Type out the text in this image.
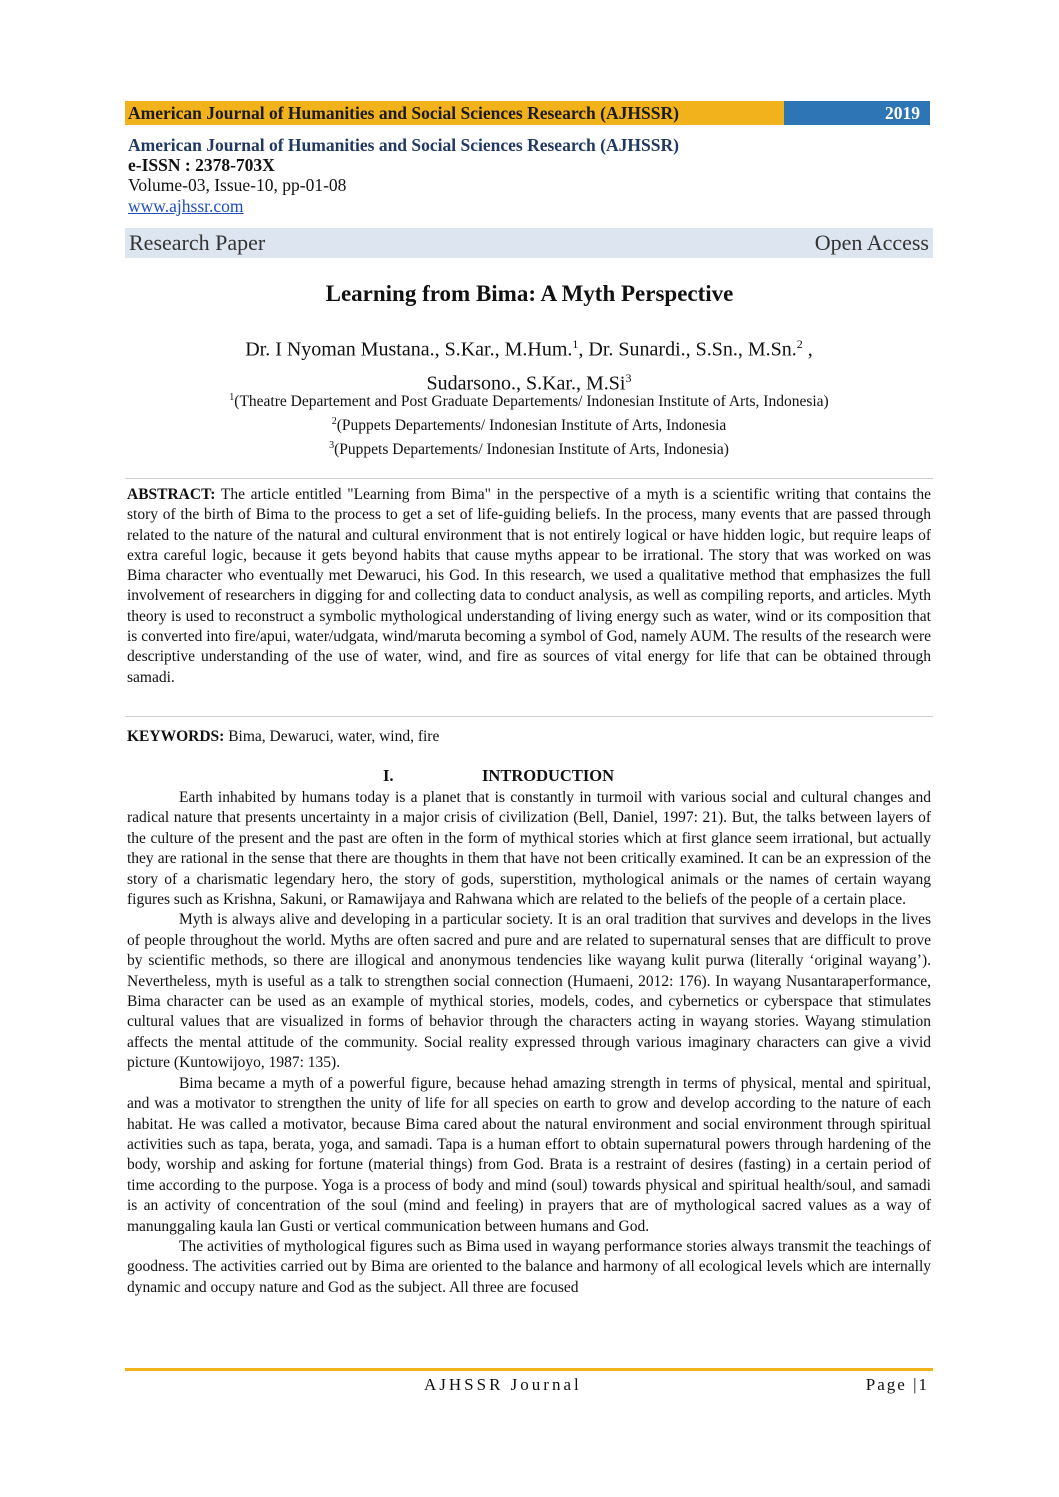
American Journal of Humanities and Social Sciences Research (AJHSSR)	2019
American Journal of Humanities and Social Sciences Research (AJHSSR)
e-ISSN : 2378-703X
Volume-03, Issue-10, pp-01-08
www.ajhssr.com
Research Paper	Open Access
Learning from Bima: A Myth Perspective
Dr. I Nyoman Mustana., S.Kar., M.Hum.$^1$, Dr. Sunardi., S.Sn., M.Sn.$^2$ ,
Sudarsono., S.Kar., M.Si$^3$
$^1$(Theatre Departement and Post Graduate Departements/ Indonesian Institute of Arts, Indonesia)
$^2$(Puppets Departements/ Indonesian Institute of Arts, Indonesia
$^3$(Puppets Departements/ Indonesian Institute of Arts, Indonesia)
ABSTRACT: The article entitled "Learning from Bima" in the perspective of a myth is a scientific writing that contains the story of the birth of Bima to the process to get a set of life-guiding beliefs. In the process, many events that are passed through related to the nature of the natural and cultural environment that is not entirely logical or have hidden logic, but require leaps of extra careful logic, because it gets beyond habits that cause myths appear to be irrational. The story that was worked on was Bima character who eventually met Dewaruci, his God. In this research, we used a qualitative method that emphasizes the full involvement of researchers in digging for and collecting data to conduct analysis, as well as compiling reports, and articles. Myth theory is used to reconstruct a symbolic mythological understanding of living energy such as water, wind or its composition that is converted into fire/apui, water/udgata, wind/maruta becoming a symbol of God, namely AUM. The results of the research were descriptive understanding of the use of water, wind, and fire as sources of vital energy for life that can be obtained through samadi.
KEYWORDS: Bima, Dewaruci, water, wind, fire
I.	INTRODUCTION

Earth inhabited by humans today is a planet that is constantly in turmoil with various social and cultural changes and radical nature that presents uncertainty in a major crisis of civilization (Bell, Daniel, 1997: 21). But, the talks between layers of the culture of the present and the past are often in the form of mythical stories which at first glance seem irrational, but actually they are rational in the sense that there are thoughts in them that have not been critically examined. It can be an expression of the story of a charismatic legendary hero, the story of gods, superstition, mythological animals or the names of certain wayang figures such as Krishna, Sakuni, or Ramawijaya and Rahwana which are related to the beliefs of the people of a certain place.

Myth is always alive and developing in a particular society. It is an oral tradition that survives and develops in the lives of people throughout the world. Myths are often sacred and pure and are related to supernatural senses that are difficult to prove by scientific methods, so there are illogical and anonymous tendencies like wayang kulit purwa (literally ‘original wayang’). Nevertheless, myth is useful as a talk to strengthen social connection (Humaeni, 2012: 176). In wayang Nusantaraperformance, Bima character can be used as an example of mythical stories, models, codes, and cybernetics or cyberspace that stimulates cultural values that are visualized in forms of behavior through the characters acting in wayang stories. Wayang stimulation affects the mental attitude of the community. Social reality expressed through various imaginary characters can give a vivid picture (Kuntowijoyo, 1987: 135).

Bima became a myth of a powerful figure, because hehad amazing strength in terms of physical, mental and spiritual, and was a motivator to strengthen the unity of life for all species on earth to grow and develop according to the nature of each habitat. He was called a motivator, because Bima cared about the natural environment and social environment through spiritual activities such as tapa, berata, yoga, and samadi. Tapa is a human effort to obtain supernatural powers through hardening of the body, worship and asking for fortune (material things) from God. Brata is a restraint of desires (fasting) in a certain period of time according to the purpose. Yoga is a process of body and mind (soul) towards physical and spiritual health/soul, and samadi is an activity of concentration of the soul (mind and feeling) in prayers that are of mythological sacred values as a way of manunggaling kaula lan Gusti or vertical communication between humans and God.

The activities of mythological figures such as Bima used in wayang performance stories always transmit the teachings of goodness. The activities carried out by Bima are oriented to the balance and harmony of all ecological levels which are internally dynamic and occupy nature and God as the subject. All three are focused

AJHSSR Journal	Page |1
